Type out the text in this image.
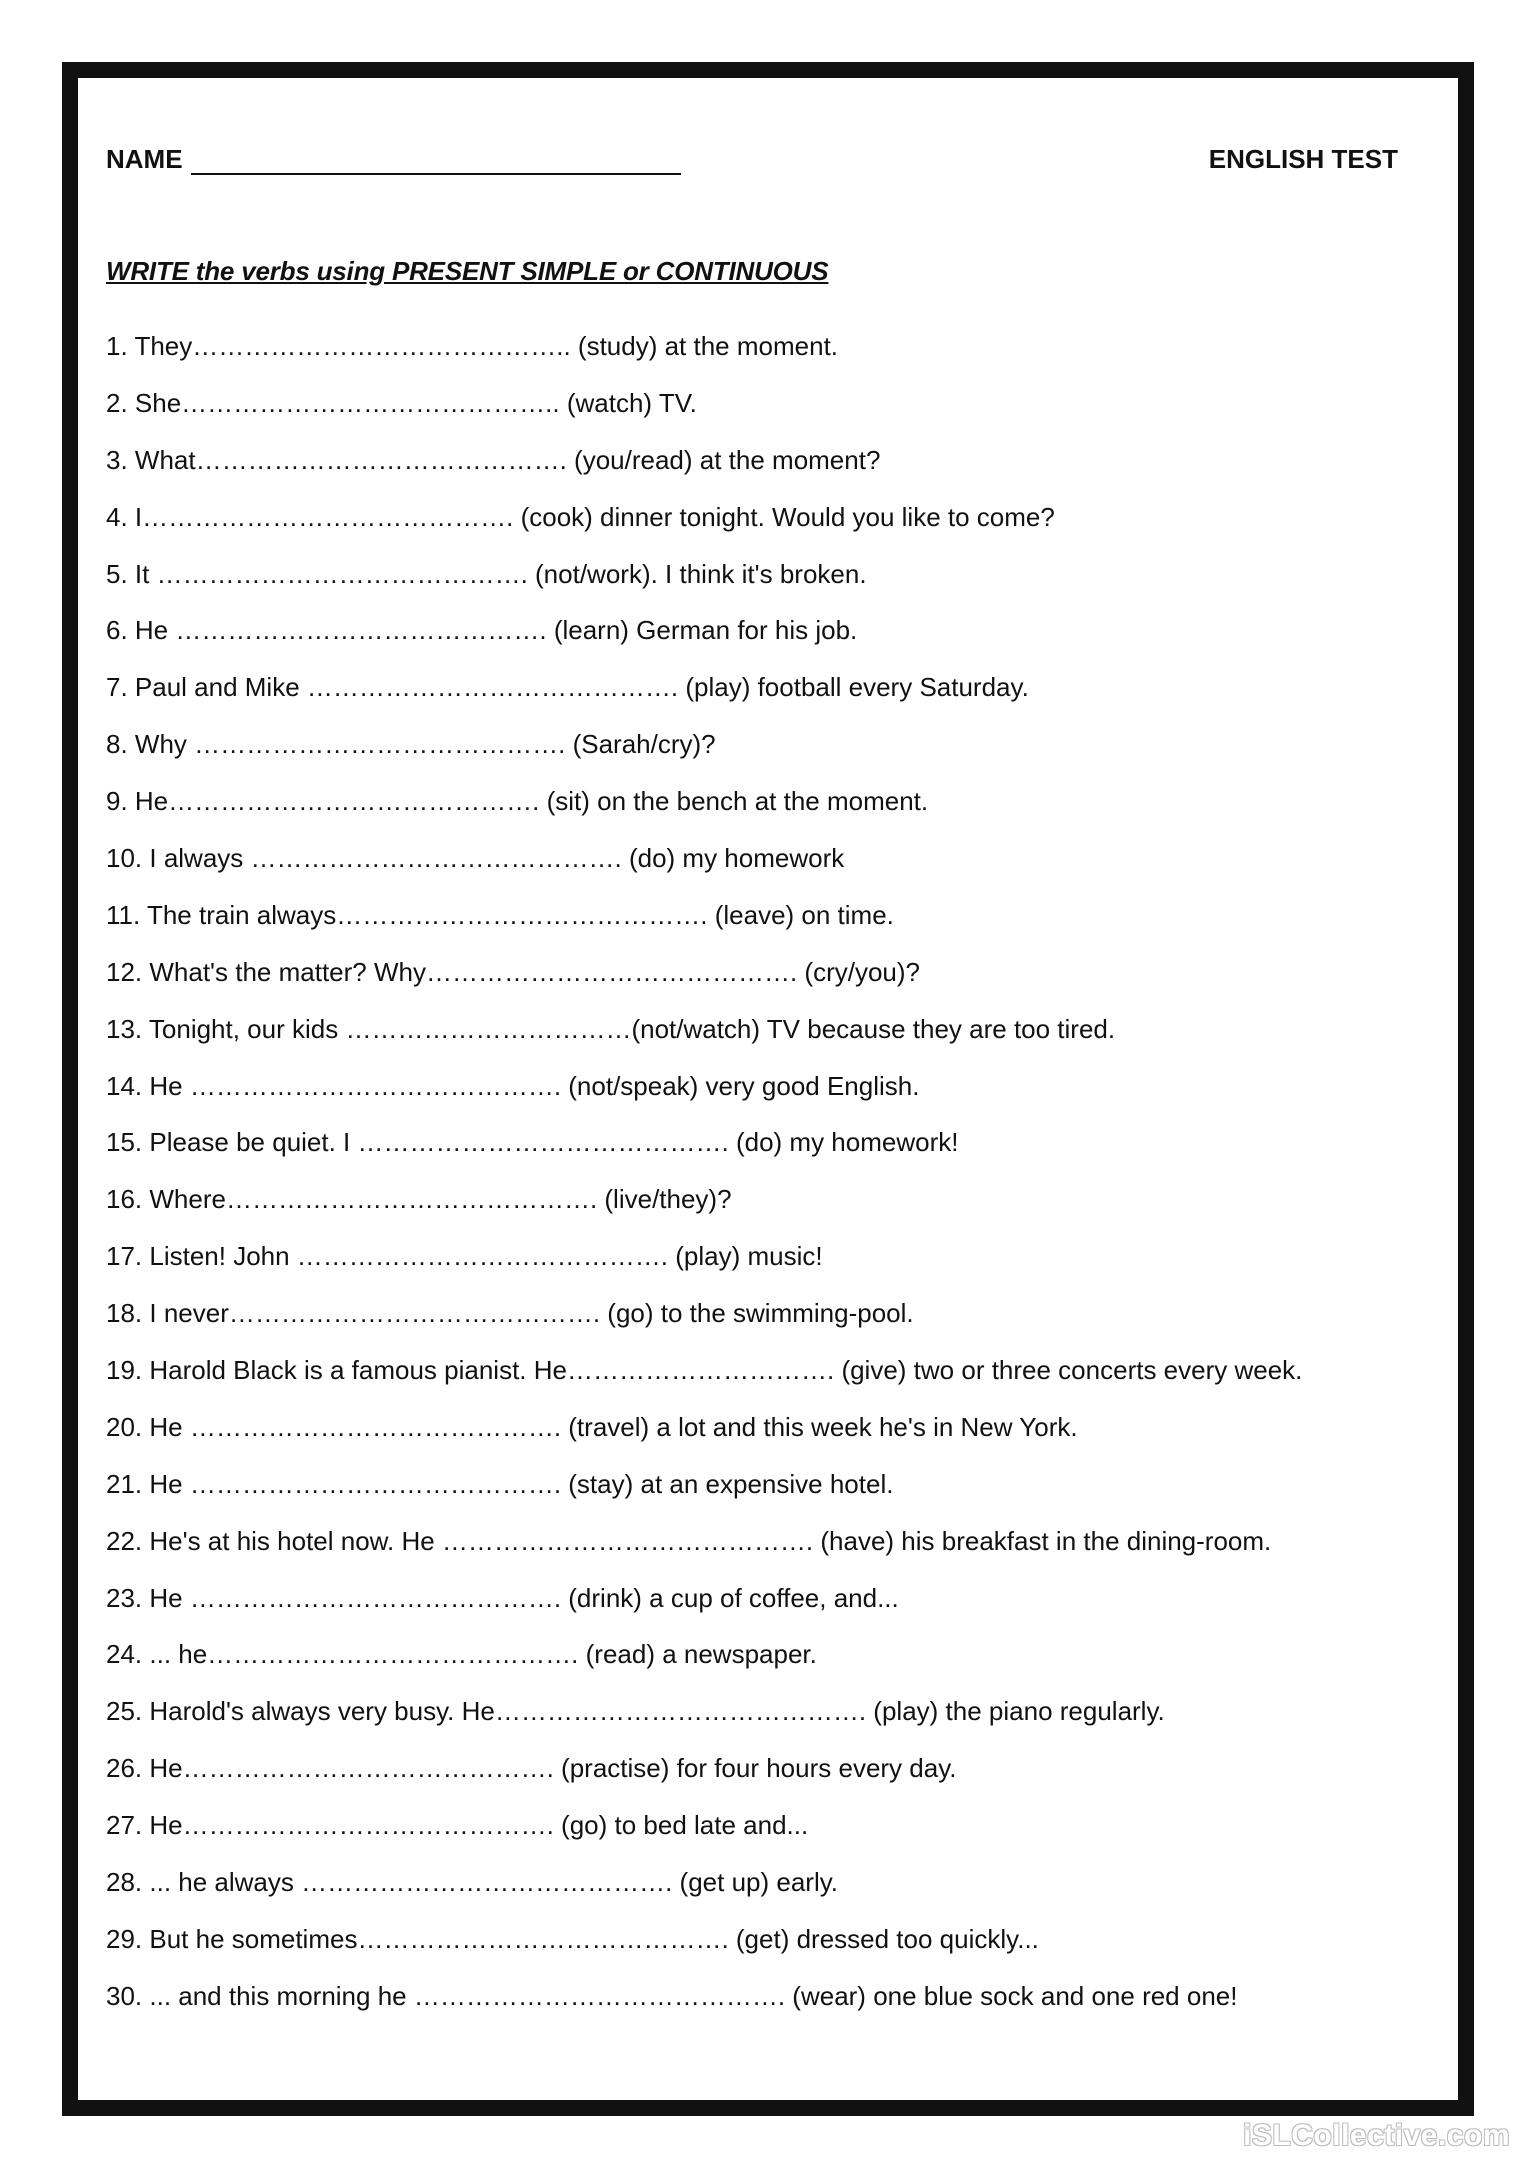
NAME	ENGLISH TEST
WRITE the verbs using PRESENT SIMPLE or CONTINUOUS
1. They…………………………………….. (study) at the moment.
2. She…………………………………….. (watch) TV.
3. What……………………………………. (you/read) at the moment?
4. I……………………………………. (cook) dinner tonight. Would you like to come?
5. It ……………………………………. (not/work). I think it's broken.
6. He ……………………………………. (learn) German for his job.
7. Paul and Mike ……………………………………. (play) football every Saturday.
8. Why ……………………………………. (Sarah/cry)?
9. He……………………………………. (sit) on the bench at the moment.
10. I always ……………………………………. (do) my homework
11. The train always……………………………………. (leave) on time.
12. What's the matter? Why……………………………………. (cry/you)?
13. Tonight, our kids ……………………………(not/watch) TV because they are too tired.
14. He ……………………………………. (not/speak) very good English.
15. Please be quiet. I ……………………………………. (do) my homework!
16. Where……………………………………. (live/they)?
17. Listen! John ……………………………………. (play) music!
18. I never……………………………………. (go) to the swimming-pool.
19. Harold Black is a famous pianist. He…………………………. (give) two or three concerts every week.
20. He ……………………………………. (travel) a lot and this week he's in New York.
21. He ……………………………………. (stay) at an expensive hotel.
22. He's at his hotel now. He ……………………………………. (have) his breakfast in the dining-room.
23. He ……………………………………. (drink) a cup of coffee, and...
24. ... he……………………………………. (read) a newspaper.
25. Harold's always very busy. He……………………………………. (play) the piano regularly.
26. He……………………………………. (practise) for four hours every day.
27. He……………………………………. (go) to bed late and...
28. ... he always ……………………………………. (get up) early.
29. But he sometimes……………………………………. (get) dressed too quickly...
30. ... and this morning he ……………………………………. (wear) one blue sock and one red one!
iSLCollective.com
